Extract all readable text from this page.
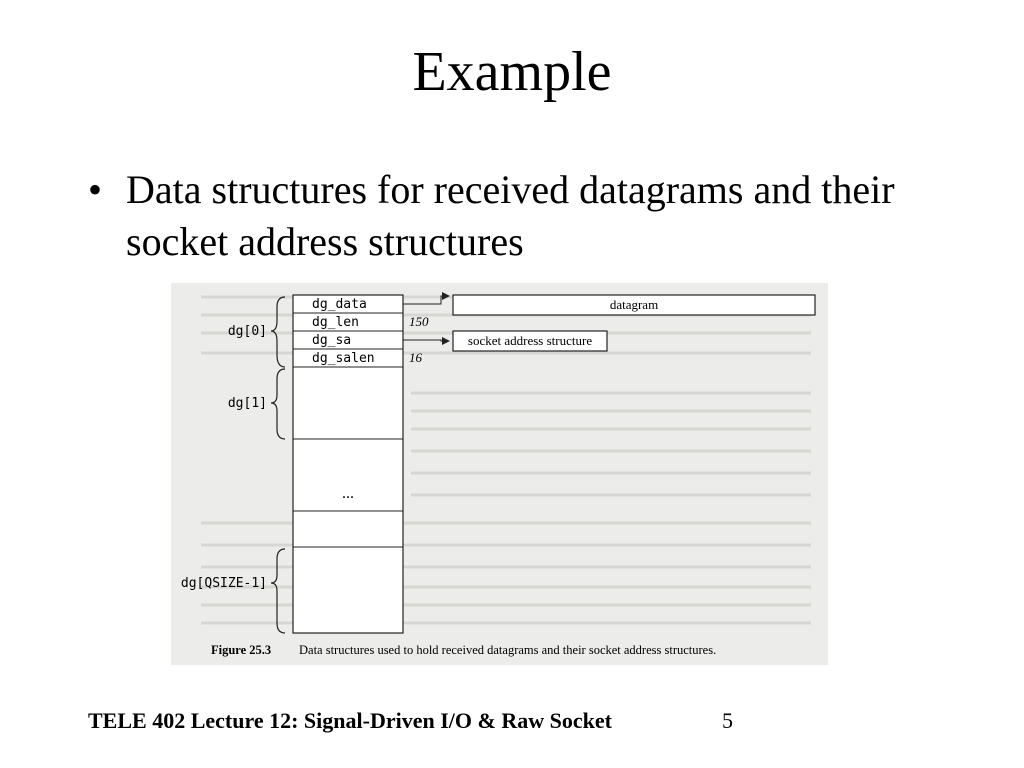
Example
• Data structures for received datagrams and their socket address structures
dg_data
dg_len
dg_sa
dg_salen
150
16
datagram
socket address structure
dg[0]
dg[1]
dg[QSIZE-1]
...
Figure 25.3 Data structures used to hold received datagrams and their socket address structures.
TELE 402 Lecture 12: Signal-Driven I/O & Raw Socket	5
